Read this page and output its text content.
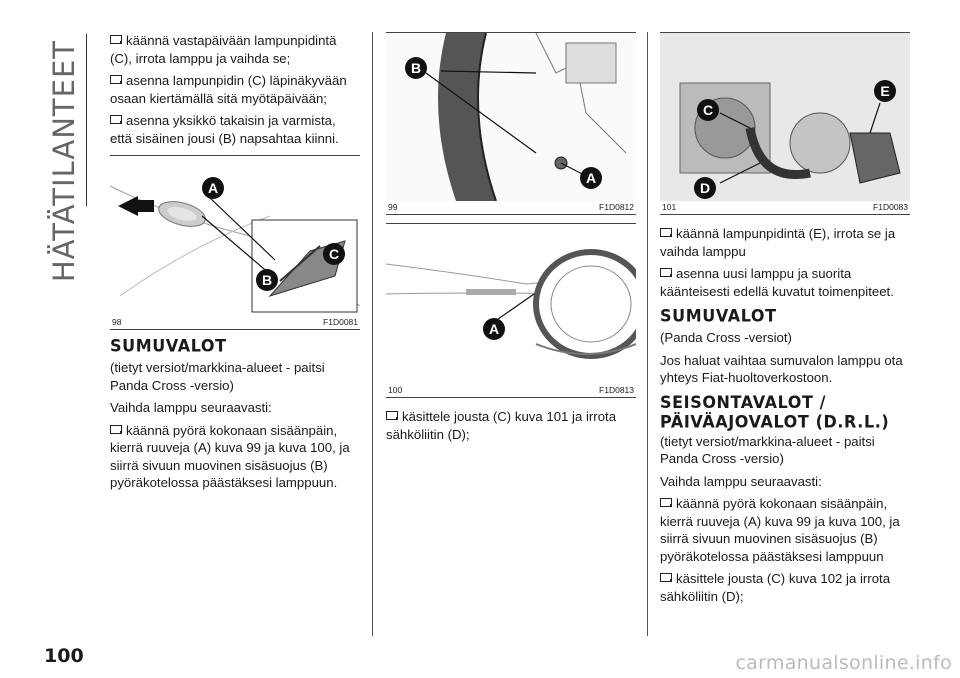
HÄTÄTILANTEET	käännä vastapäivään lampunpidintä (C), irrota lamppu ja vaihda se;

asenna lampunpidin (C) läpinäkyvään osaan kiertämällä sitä myötäpäivään;

asenna yksikkö takaisin ja varmista, että sisäinen jousi (B) napsahtaa kiinni.

A
B
C
98	F1D0081
SUMUVALOT

(tietyt versiot/markkina-alueet - paitsi Panda Cross -versio)

Vaihda lamppu seuraavasti:

käännä pyörä kokonaan sisäänpäin, kierrä ruuveja (A) kuva 99 ja kuva 100, ja siirrä sivuun muovinen sisäsuojus (B) pyöräkotelossa päästäksesi lamppuun.

B
A
99	F1D0812
A
100	F1D0813

käsittele jousta (C) kuva 101 ja irrota sähköliitin (D);

C
D
E
101	F1D0083

käännä lampunpidintä (E), irrota se ja vaihda lamppu

asenna uusi lamppu ja suorita käänteisesti edellä kuvatut toimenpiteet.

SUMUVALOT

(Panda Cross -versiot)

Jos haluat vaihtaa sumuvalon lamppu ota yhteys Fiat-huoltoverkostoon.

SEISONTAVALOT /
PÄIVÄAJOVALOT (D.R.L.)

(tietyt versiot/markkina-alueet - paitsi Panda Cross -versio)

Vaihda lamppu seuraavasti:

käännä pyörä kokonaan sisäänpäin, kierrä ruuveja (A) kuva 99 ja kuva 100, ja siirrä sivuun muovinen sisäsuojus (B) pyöräkotelossa päästäksesi lamppuun

käsittele jousta (C) kuva 102 ja irrota sähköliitin (D);

100	carmanualsonline.info
